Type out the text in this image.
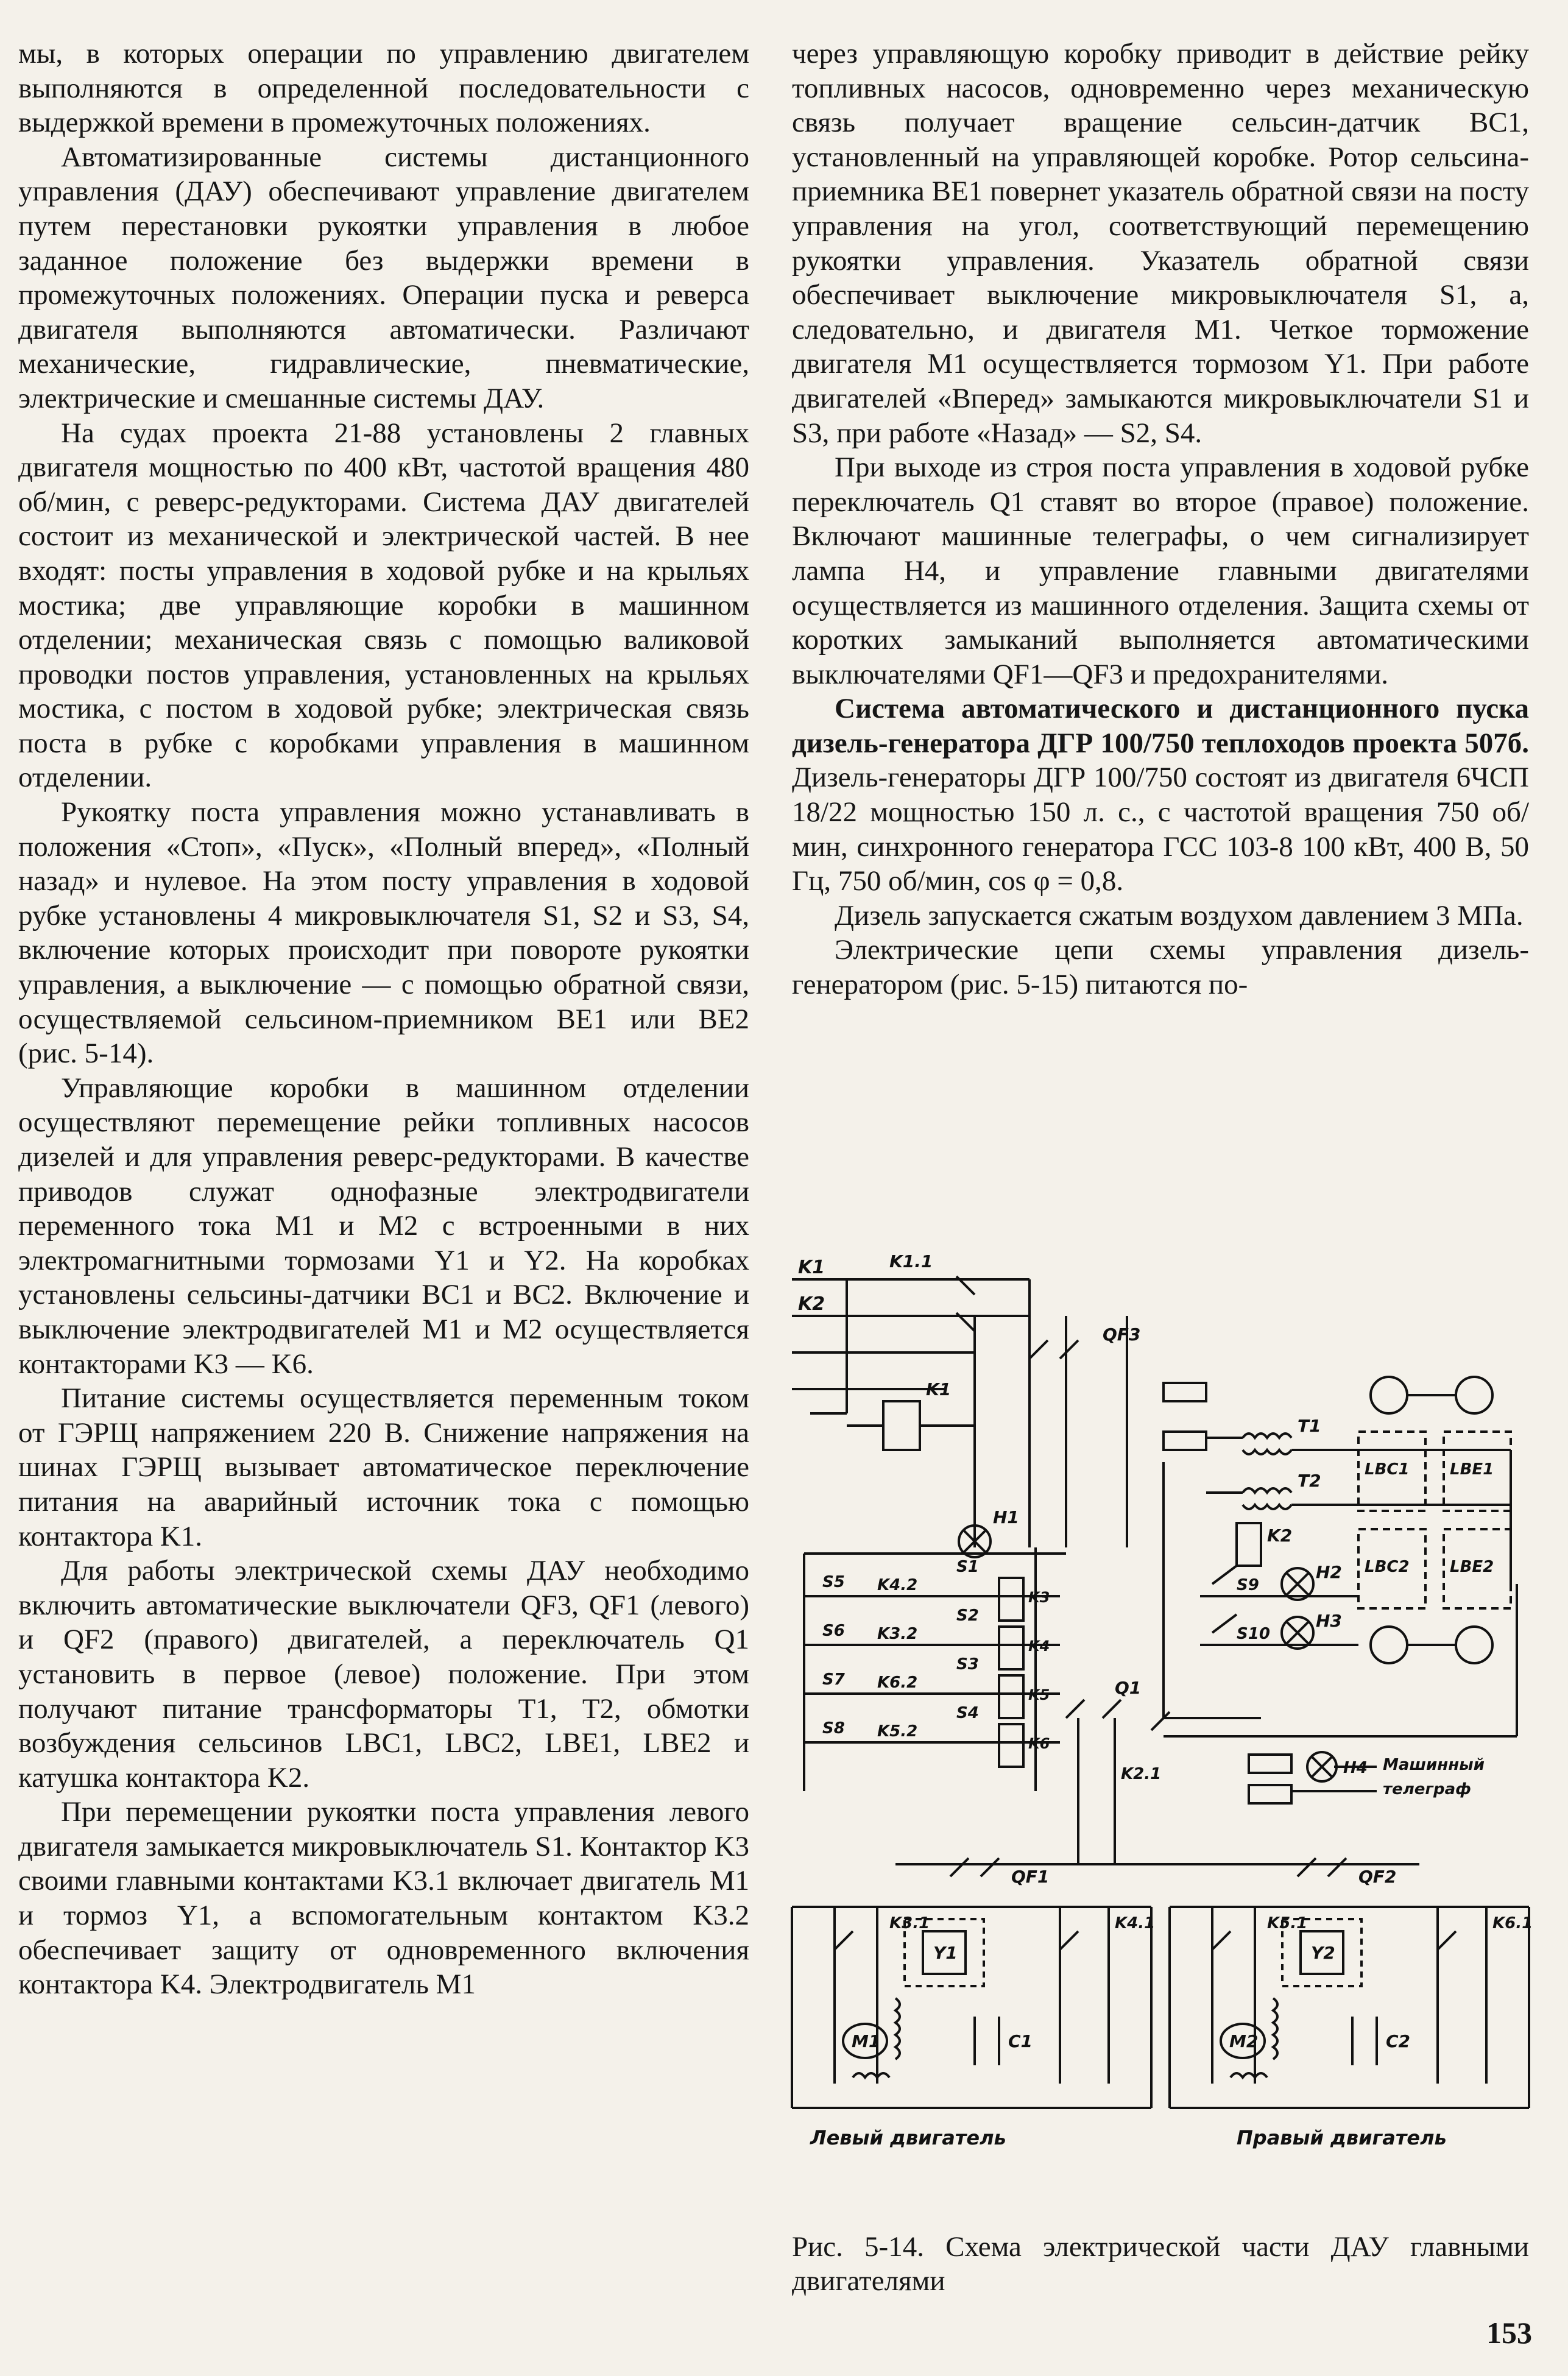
мы, в которых операции по управлению двигателем выполняются в определенной последовательности с выдержкой времени в промежуточных положениях.

Автоматизированные системы дистанционного управления (ДАУ) обеспечивают управление двигателем путем перестановки рукоятки управления в любое заданное положение без выдержки времени в промежуточных положениях. Операции пуска и реверса двигателя выполняются автоматически. Различают механические, гидравлические, пневматические, электрические и смешанные системы ДАУ.

На судах проекта 21-88 установлены 2 главных двигателя мощностью по 400 кВт, частотой вращения 480 об/мин, с реверс-редукторами. Система ДАУ двигателей состоит из механической и электрической частей. В нее входят: посты управления в ходовой рубке и на крыльях мостика; две управляющие коробки в машинном отделении; механическая связь с помощью валиковой проводки постов управления, установленных на крыльях мостика, с постом в ходовой рубке; электрическая связь поста в рубке с коробками управления в машинном отделении.

Рукоятку поста управления можно устанавливать в положения «Стоп», «Пуск», «Полный вперед», «Полный назад» и нулевое. На этом посту управления в ходовой рубке установлены 4 микровыключателя S1, S2 и S3, S4, включение которых происходит при повороте рукоятки управления, а выключение — с помощью обратной связи, осуществляемой сельсином-приемником BE1 или BE2 (рис. 5-14).

Управляющие коробки в машинном отделении осуществляют перемещение рейки топливных насосов дизелей и для управления реверс-редукторами. В качестве приводов служат однофазные электродвигатели переменного тока M1 и M2 с встроенными в них электромагнитными тормозами Y1 и Y2. На коробках установлены сельсины-датчики BC1 и BC2. Включение и выключение электродвигателей M1 и M2 осуществляется контакторами K3 — K6.

Питание системы осуществляется переменным током от ГЭРЩ напряжением 220 В. Снижение напряжения на шинах ГЭРЩ вызывает автоматическое переключение питания на аварийный источник тока с помощью контактора K1.

Для работы электрической схемы ДАУ необходимо включить автоматические выключатели QF3, QF1 (левого) и QF2 (правого) двигателей, а переключатель Q1 установить в первое (левое) положение. При этом получают питание трансформаторы T1, T2, обмотки возбуждения сельсинов LBC1, LBC2, LBE1, LBE2 и катушка контактора K2.

При перемещении рукоятки поста управления левого двигателя замыкается микровыключатель S1. Контактор K3 своими главными контактами K3.1 включает двигатель M1 и тормоз Y1, а вспомогательным контактом K3.2 обеспечивает защиту от одновременного включения контактора K4. Электродвигатель M1

через управляющую коробку приводит в действие рейку топливных насосов, одновременно через механическую связь получает вращение сельсин-датчик BC1, установленный на управляющей коробке. Ротор сельсина-приемника BE1 повернет указатель обратной связи на посту управления на угол, соответствующий перемещению рукоятки управления. Указатель обратной связи обеспечивает выключение микровыключателя S1, а, следовательно, и двигателя M1. Четкое торможение двигателя M1 осуществляется тормозом Y1. При работе двигателей «Вперед» замыкаются микровыключатели S1 и S3, при работе «Назад» — S2, S4.

При выходе из строя поста управления в ходовой рубке переключатель Q1 ставят во второе (правое) положение. Включают машинные телеграфы, о чем сигнализирует лампа H4, и управление главными двигателями осуществляется из машинного отделения. Защита схемы от коротких замыканий выполняется автоматическими выключателями QF1—QF3 и предохранителями.

Система автоматического и дистанционного пуска дизель-генератора ДГР 100/750 теплоходов проекта 507б. Дизель-генераторы ДГР 100/750 состоят из двигателя 6ЧСП 18/22 мощностью 150 л. с., с частотой вращения 750 об/мин, синхронного генератора ГСС 103-8 100 кВт, 400 В, 50 Гц, 750 об/мин, cos φ = 0,8.

Дизель запускается сжатым воздухом давлением 3 МПа.

Электрические цепи схемы управления дизель-генератором (рис. 5-15) питаются по-

K1
K2
K1.1
K1
QF3
T1
T2
LBC1	LBE1
LBC2	LBE2
H1
K2
H2
H3
S9
S10
S5
S6
S7
S8
K4.2
K3.2
K6.2
K5.2
S1
S2
S3
S4
K3
K4
K5
K6
Q1
K2.1	H4 Машинный
телеграф
QF1	QF2
K3.1	K4.1	K5.1	K6.1
Y1	Y2
M1	M2
C1	C2
Левый двигатель	Правый двигатель
Рис. 5-14. Схема электрической части ДАУ главными двигателями
153
